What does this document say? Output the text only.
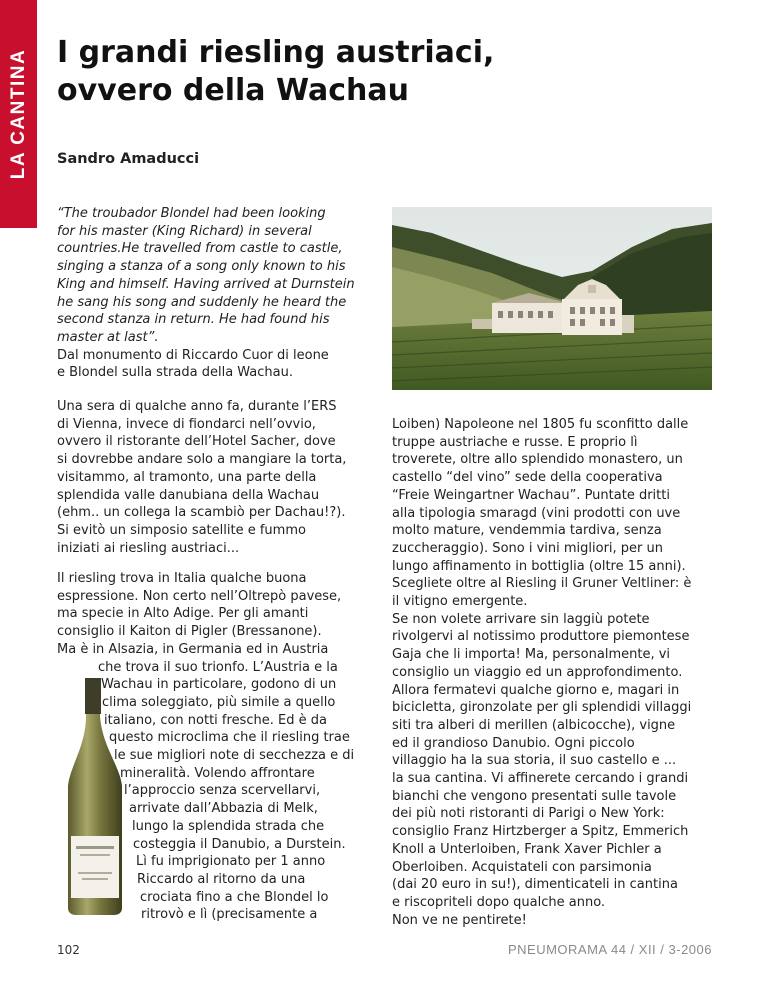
LA CANTINA I grandi riesling austriaci,
ovvero della Wachau
Sandro Amaducci
“The troubador Blondel had been looking
for his master (King Richard) in several
countries.He travelled from castle to castle,
singing a stanza of a song only known to his
King and himself. Having arrived at Durnstein
he sang his song and suddenly he heard the
second stanza in return. He had found his
master at last”.
Dal monumento di Riccardo Cuor di leone
e Blondel sulla strada della Wachau.
Una sera di qualche anno fa, durante l’ERS
di Vienna, invece di fiondarci nell’ovvio,
ovvero il ristorante dell’Hotel Sacher, dove
si dovrebbe andare solo a mangiare la torta,
visitammo, al tramonto, una parte della
splendida valle danubiana della Wachau
(ehm.. un collega la scambiò per Dachau!?).
Si evitò un simposio satellite e fummo
iniziati ai riesling austriaci...
Il riesling trova in Italia qualche buona
espressione. Non certo nell’Oltrepò pavese,
ma specie in Alto Adige. Per gli amanti
consiglio il Kaiton di Pigler (Bressanone).
Ma è in Alsazia, in Germania ed in Austria
che trova il suo trionfo. L’Austria e la
Wachau in particolare, godono di un
clima soleggiato, più simile a quello
italiano, con notti fresche. Ed è da
questo microclima che il riesling trae
le sue migliori note di secchezza e di
mineralità. Volendo affrontare
l’approccio senza scervellarvi,
arrivate dall’Abbazia di Melk,
lungo la splendida strada che
costeggia il Danubio, a Durstein.
Lì fu imprigionato per 1 anno
Riccardo al ritorno da una
crociata fino a che Blondel lo
ritrovò e lì (precisamente a
Loiben) Napoleone nel 1805 fu sconfitto dalle
truppe austriache e russe. E proprio lì
troverete, oltre allo splendido monastero, un
castello “del vino” sede della cooperativa
“Freie Weingartner Wachau”. Puntate dritti
alla tipologia smaragd (vini prodotti con uve
molto mature, vendemmia tardiva, senza
zuccheraggio). Sono i vini migliori, per un
lungo affinamento in bottiglia (oltre 15 anni).
Scegliete oltre al Riesling il Gruner Veltliner: è
il vitigno emergente.
Se non volete arrivare sin laggiù potete
rivolgervi al notissimo produttore piemontese
Gaja che li importa! Ma, personalmente, vi
consiglio un viaggio ed un approfondimento.
Allora fermatevi qualche giorno e, magari in
bicicletta, gironzolate per gli splendidi villaggi
siti tra alberi di merillen (albicocche), vigne
ed il grandioso Danubio. Ogni piccolo
villaggio ha la sua storia, il suo castello e ...
la sua cantina. Vi affinerete cercando i grandi
bianchi che vengono presentati sulle tavole
dei più noti ristoranti di Parigi o New York:
consiglio Franz Hirtzberger a Spitz, Emmerich
Knoll a Unterloiben, Frank Xaver Pichler a
Oberloiben. Acquistateli con parsimonia
(dai 20 euro in su!), dimenticateli in cantina
e riscopriteli dopo qualche anno.
Non ve ne pentirete!
102	PNEUMORAMA 44 / XII / 3-2006
